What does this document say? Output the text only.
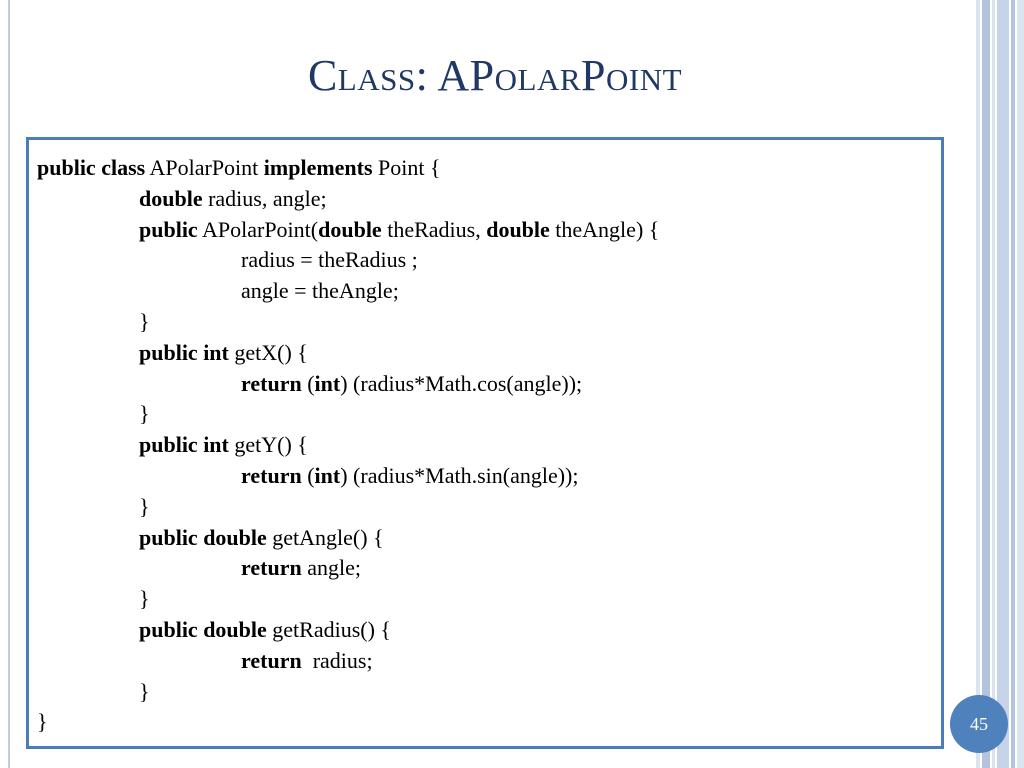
Class: APolarPoint
public class APolarPoint implements Point {
double radius, angle;
public APolarPoint(double theRadius, double theAngle) {
radius = theRadius ;
angle = theAngle;
}
public int getX() {
return (int) (radius*Math.cos(angle));
}
public int getY() {
return (int) (radius*Math.sin(angle));
}
public double getAngle() {
return angle;
}
public double getRadius() {
return  radius;
}
}	45
